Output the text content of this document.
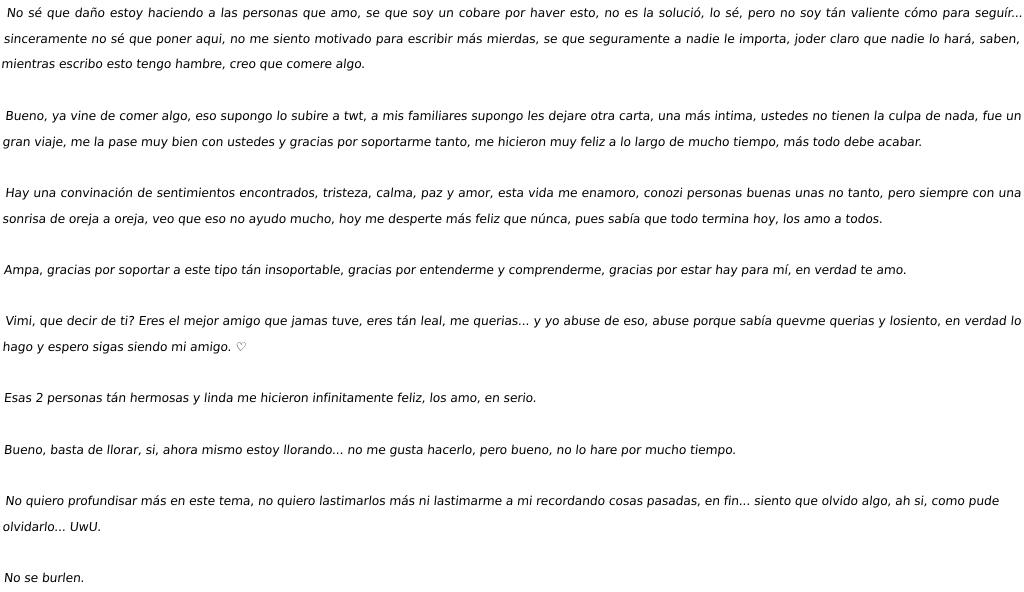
No sé que daño estoy haciendo a las personas que amo, se que soy un cobare por haver esto, no es la solució, lo sé, pero no soy tán valiente cómo para seguír... sinceramente no sé que poner aqui, no me siento motivado para escribir más mierdas, se que seguramente a nadie le importa, joder claro que nadie lo hará, saben, mientras escribo esto tengo hambre, creo que comere algo.

Bueno, ya vine de comer algo, eso supongo lo subire a twt, a mis familiares supongo les dejare otra carta, una más intima, ustedes no tienen la culpa de nada, fue un gran viaje, me la pase muy bien con ustedes y gracias por soportarme tanto, me hicieron muy feliz a lo largo de mucho tiempo, más todo debe acabar.

Hay una convinación de sentimientos encontrados, tristeza, calma, paz y amor, esta vida me enamoro, conozi personas buenas unas no tanto, pero siempre con una sonrisa de oreja a oreja, veo que eso no ayudo mucho, hoy me desperte más feliz que núnca, pues sabía que todo termina hoy, los amo a todos.

Ampa, gracias por soportar a este tipo tán insoportable, gracias por entenderme y comprenderme, gracias por estar hay para mí, en verdad te amo.

Vimi, que decir de ti? Eres el mejor amigo que jamas tuve, eres tán leal, me querias... y yo abuse de eso, abuse porque sabía quevme querias y losiento, en verdad lo hago y espero sigas siendo mi amigo. ♡

Esas 2 personas tán hermosas y linda me hicieron infinitamente feliz, los amo, en serio.

Bueno, basta de llorar, si, ahora mismo estoy llorando... no me gusta hacerlo, pero bueno, no lo hare por mucho tiempo.

No quiero profundisar más en este tema, no quiero lastimarlos más ni lastimarme a mi recordando cosas pasadas, en fin... siento que olvido algo, ah si, como pude olvidarlo... UwU.

No se burlen.
